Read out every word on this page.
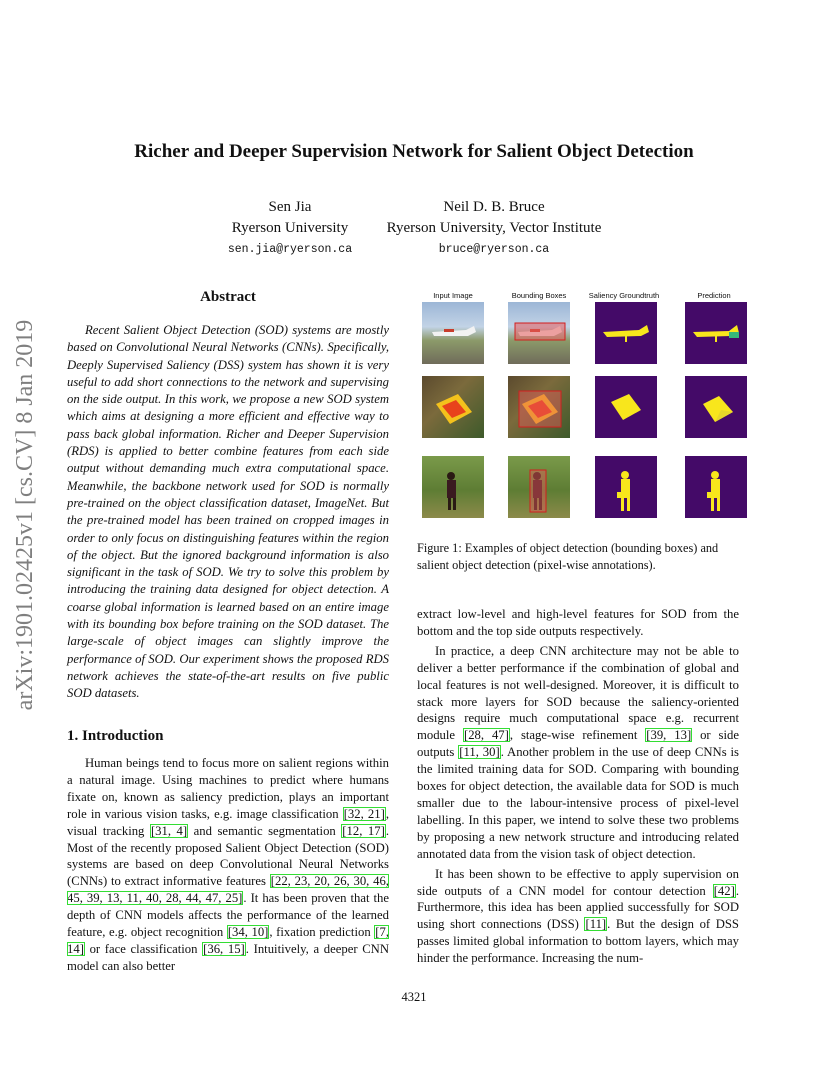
arXiv:1901.02425v1 [cs.CV] 8 Jan 2019
Richer and Deeper Supervision Network for Salient Object Detection
Sen Jia
Ryerson University
sen.jia@ryerson.ca
Neil D. B. Bruce
Ryerson University, Vector Institute
bruce@ryerson.ca
Abstract

Recent Salient Object Detection (SOD) systems are mostly based on Convolutional Neural Networks (CNNs). Specifically, Deeply Supervised Saliency (DSS) system has shown it is very useful to add short connections to the network and supervising on the side output. In this work, we propose a new SOD system which aims at designing a more efficient and effective way to pass back global information. Richer and Deeper Supervision (RDS) is applied to better combine features from each side output without demanding much extra computational space. Meanwhile, the backbone network used for SOD is normally pre-trained on the object classification dataset, ImageNet. But the pre-trained model has been trained on cropped images in order to only focus on distinguishing features within the region of the object. But the ignored background information is also significant in the task of SOD. We try to solve this problem by introducing the training data designed for object detection. A coarse global information is learned based on an entire image with its bounding box before training on the SOD dataset. The large-scale of object images can slightly improve the performance of SOD. Our experiment shows the proposed RDS network achieves the state-of-the-art results on five public SOD datasets.

1. Introduction

Human beings tend to focus more on salient regions within a natural image. Using machines to predict where humans fixate on, known as saliency prediction, plays an important role in various vision tasks, e.g. image classification [32, 21], visual tracking [31, 4] and semantic segmentation [12, 17]. Most of the recently proposed Salient Object Detection (SOD) systems are based on deep Convolutional Neural Networks (CNNs) to extract informative features [22, 23, 20, 26, 30, 46, 45, 39, 13, 11, 40, 28, 44, 47, 25]. It has been proven that the depth of CNN models affects the performance of the learned feature, e.g. object recognition [34, 10], fixation prediction [7, 14] or face classification [36, 15]. Intuitively, a deeper CNN model can also better

Input Image	Bounding Boxes	Saliency Groundtruth	Prediction
Figure 1: Examples of object detection (bounding boxes) and salient object detection (pixel-wise annotations).

extract low-level and high-level features for SOD from the bottom and the top side outputs respectively.

In practice, a deep CNN architecture may not be able to deliver a better performance if the combination of global and local features is not well-designed. Moreover, it is difficult to stack more layers for SOD because the saliency-oriented designs require much computational space e.g. recurrent module [28, 47], stage-wise refinement [39, 13] or side outputs [11, 30]. Another problem in the use of deep CNNs is the limited training data for SOD. Comparing with bounding boxes for object detection, the available data for SOD is much smaller due to the labour-intensive process of pixel-level labelling. In this paper, we intend to solve these two problems by proposing a new network structure and introducing related annotated data from the vision task of object detection.

It has been shown to be effective to apply supervision on side outputs of a CNN model for contour detection [42]. Furthermore, this idea has been applied successfully for SOD using short connections (DSS) [11]. But the design of DSS passes limited global information to bottom layers, which may hinder the performance. Increasing the num-

4321
